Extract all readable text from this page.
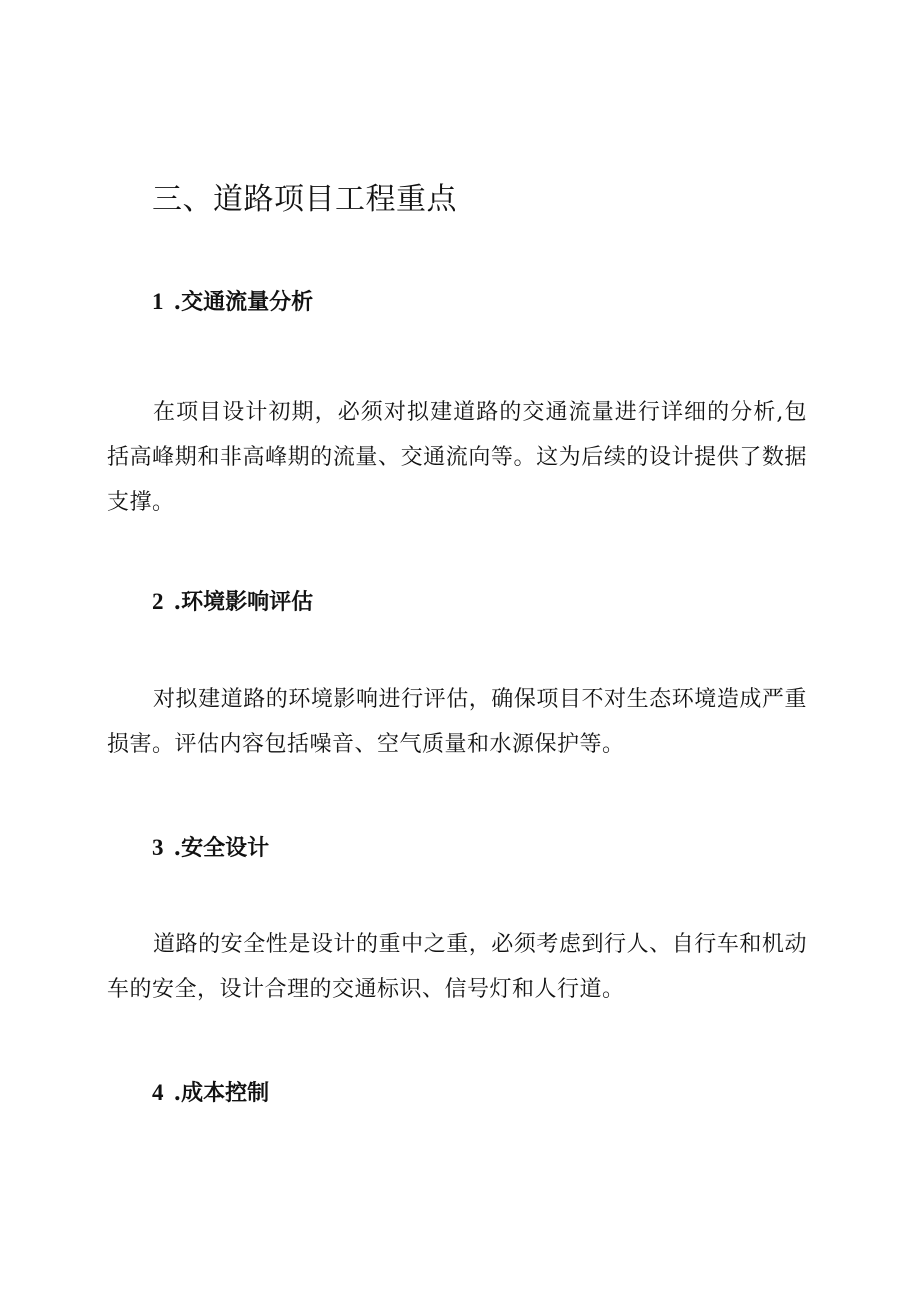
三、道路项目工程重点
1 .交通流量分析

在项目设计初期，必须对拟建道路的交通流量进行详细的分析,包括高峰期和非高峰期的流量、交通流向等。这为后续的设计提供了数据支撑。

2 .环境影响评估

对拟建道路的环境影响进行评估，确保项目不对生态环境造成严重损害。评估内容包括噪音、空气质量和水源保护等。

3 .安全设计

道路的安全性是设计的重中之重，必须考虑到行人、自行车和机动车的安全，设计合理的交通标识、信号灯和人行道。

4 .成本控制
